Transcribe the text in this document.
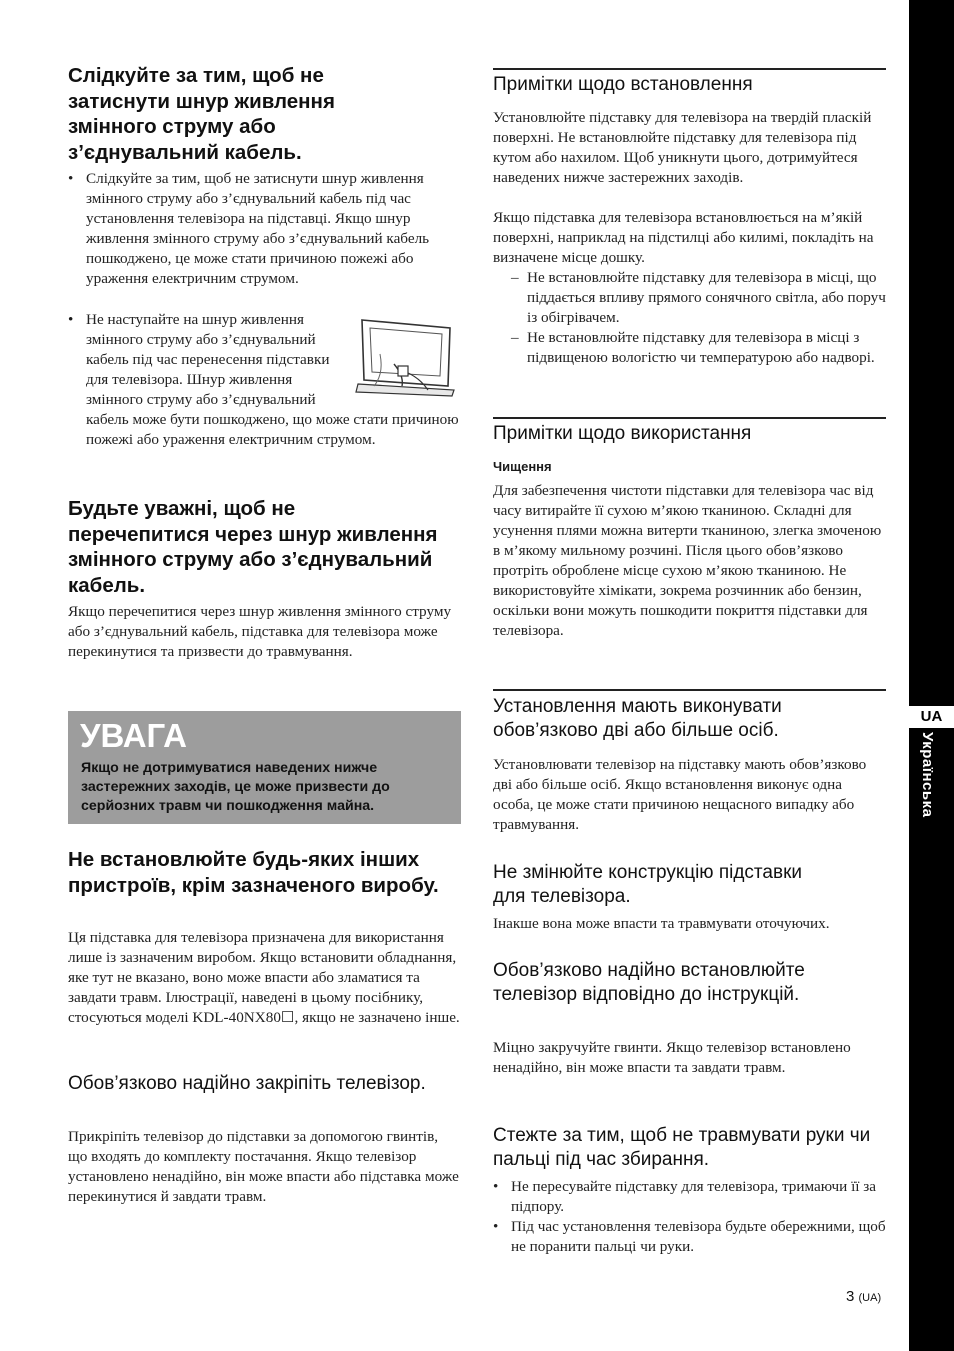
Слідкуйте за тим, щоб не затиснути шнур живлення змінного струму або з’єднувальний кабель.
• Слідкуйте за тим, щоб не затиснути шнур живлення змінного струму або з’єднувальний кабель під час установлення телевізора на підставці. Якщо шнур живлення змінного струму або з’єднувальний кабель пошкоджено, це може стати причиною пожежі або ураження електричним струмом.
• Не наступайте на шнур живлення змінного струму або з’єднувальний кабель під час перенесення підставки для телевізора. Шнур живлення змінного струму або з’єднувальний кабель може бути пошкоджено, що може стати причиною пожежі або ураження електричним струмом.

Будьте уважні, щоб не перечепитися через шнур живлення змінного струму або з’єднувальний кабель.

Якщо перечепитися через шнур живлення змінного струму або з’єднувальний кабель, підставка для телевізора може перекинутися та призвести до травмування.

УВАГА
Якщо не дотримуватися наведених нижче застережних заходів, це може призвести до серйозних травм чи пошкодження майна.
Не встановлюйте будь-яких інших пристроїв, крім зазначеного виробу.

Ця підставка для телевізора призначена для використання лише із зазначеним виробом. Якщо встановити обладнання, яке тут не вказано, воно може впасти або зламатися та завдати травм. Ілюстрації, наведені в цьому посібнику, стосуються моделі KDL-40NX80☐, якщо не зазначено інше.

Обов’язково надійно закріпіть телевізор.

Прикріпіть телевізор до підставки за допомогою гвинтів, що входять до комплекту постачання. Якщо телевізор установлено ненадійно, він може впасти або підставка може перекинутися й завдати травм.

Примітки щодо встановлення

Установлюйте підставку для телевізора на твердій пласкій поверхні. Не встановлюйте підставку для телевізора під кутом або нахилом. Щоб уникнути цього, дотримуйтеся наведених нижче застережних заходів.

Якщо підставка для телевізора встановлюється на м’якій поверхні, наприклад на підстилці або килимі, покладіть на визначене місце дошку.

– Не встановлюйте підставку для телевізора в місці, що піддається впливу прямого сонячного світла, або поруч із обігрівачем.
– Не встановлюйте підставку для телевізора в місці з підвищеною вологістю чи температурою або надворі.
Примітки щодо використання

Чищення

Для забезпечення чистоти підставки для телевізора час від часу витирайте її сухою м’якою тканиною. Складні для усунення плями можна витерти тканиною, злегка змоченою в м’якому мильному розчині. Після цього обов’язково протріть оброблене місце сухою м’якою тканиною. Не використовуйте хімікати, зокрема розчинник або бензин, оскільки вони можуть пошкодити покриття підставки для телевізора.

Установлення мають виконувати обов’язково дві або більше осіб.

Установлювати телевізор на підставку мають обов’язково дві або більше осіб. Якщо встановлення виконує одна особа, це може стати причиною нещасного випадку або травмування.

Не змінюйте конструкцію підставки для телевізора.

Інакше вона може впасти та травмувати оточуючих.

Обов’язково надійно встановлюйте телевізор відповідно до інструкцій.

Міцно закручуйте гвинти. Якщо телевізор встановлено ненадійно, він може впасти та завдати травм.

Стежте за тим, щоб не травмувати руки чи пальці під час збирання.
• Не пересувайте підставку для телевізора, тримаючи її за підпору.
• Під час установлення телевізора будьте обережними, щоб не поранити пальці чи руки.
UA
Українська
3 (UA)
